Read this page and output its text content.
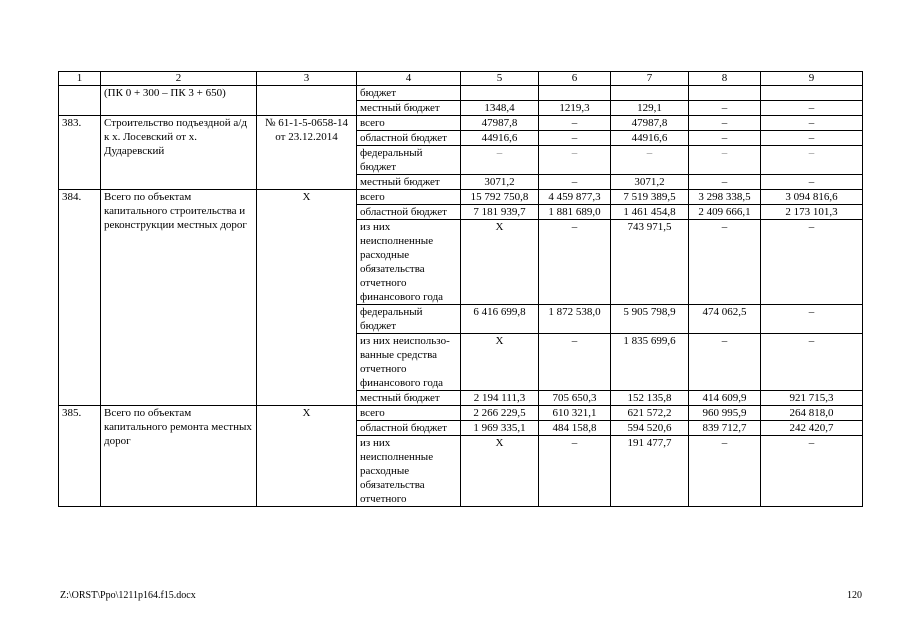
1	2	3	4	5	6	7	8	9
	(ПК 0 + 300 – ПК 3 + 650)		бюджет					
			местный бюджет	1348,4	1219,3	129,1	–	–
383.	Строительство подъездной а/д к х. Лосевский от х. Дударевский	№ 61-1-5-0658-14 от 23.12.2014	всего	47987,8	–	47987,8	–	–
			областной бюджет	44916,6	–	44916,6	–	–
			федеральный бюджет	–	–	–	–	–
			местный бюджет	3071,2	–	3071,2	–	–
384.	Всего по объектам капитального строительства и реконструкции местных дорог	Х	всего	15 792 750,8	4 459 877,3	7 519 389,5	3 298 338,5	3 094 816,6
			областной бюджет	7 181 939,7	1 881 689,0	1 461 454,8	2 409 666,1	2 173 101,3
			из них неисполненные расходные обязательства отчетного финансового года	Х	–	743 971,5	–	–
			федеральный бюджет	6 416 699,8	1 872 538,0	5 905 798,9	474 062,5	–
			из них неиспользо-ванные средства отчетного финансового года	Х	–	1 835 699,6	–	–
			местный бюджет	2 194 111,3	705 650,3	152 135,8	414 609,9	921 715,3
385.	Всего по объектам капитального ремонта местных дорог	Х	всего	2 266 229,5	610 321,1	621 572,2	960 995,9	264 818,0
			областной бюджет	1 969 335,1	484 158,8	594 520,6	839 712,7	242 420,7
			из них неисполненные расходные обязательства отчетного	Х	–	191 477,7	–	–
Z:\ORST\Ppo\1211p164.f15.docx	120
